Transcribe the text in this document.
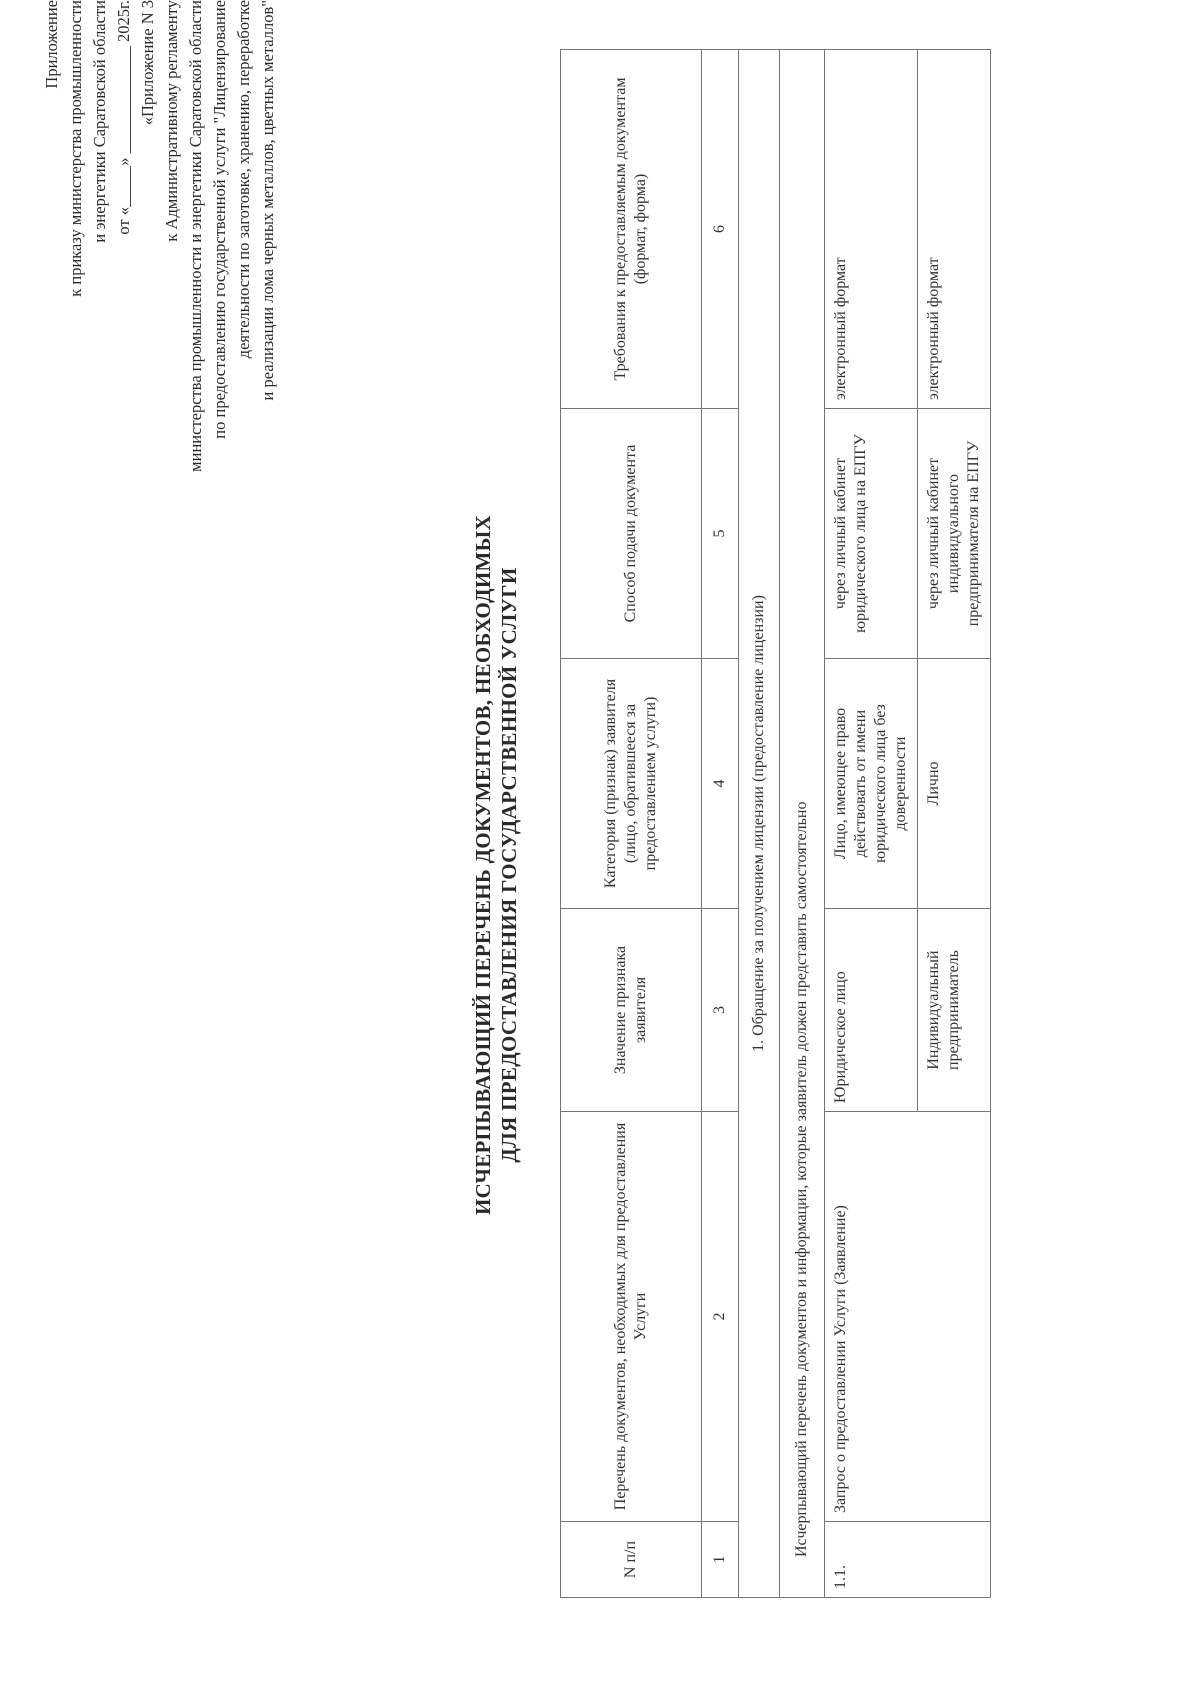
Приложение к приказу министерства промышленности и энергетики Саратовской области от «_____» _____________ 2025г. «Приложение N 3 к Административному регламенту министерства промышленности и энергетики Саратовской области по предоставлению государственной услуги "Лицензирование деятельности по заготовке, хранению, переработке и реализации лома черных металлов, цветных металлов"
ИСЧЕРПЫВАЮЩИЙ ПЕРЕЧЕНЬ ДОКУМЕНТОВ, НЕОБХОДИМЫХ ДЛЯ ПРЕДОСТАВЛЕНИЯ ГОСУДАРСТВЕННОЙ УСЛУГИ
N п/п	Перечень документов, необходимых для предоставления Услуги	Значение признака заявителя	Категория (признак) заявителя (лицо, обратившееся за предоставлением услуги)	Способ подачи документа	Требования к предоставляемым документам (формат, форма)
1	2	3	4	5	6
1. Обращение за получением лицензии (предоставление лицензии)					
Исчерпывающий перечень документов и информации, которые заявитель должен представить самостоятельно					
1.1.	Запрос о предоставлении Услуги (Заявление)	Юридическое лицо	Лицо, имеющее право действовать от имени юридического лица без доверенности	через личный кабинет юридического лица на ЕПГУ	электронный формат
		Индивидуальный предприниматель	Лично	через личный кабинет индивидуального предпринимателя на ЕПГУ	электронный формат
